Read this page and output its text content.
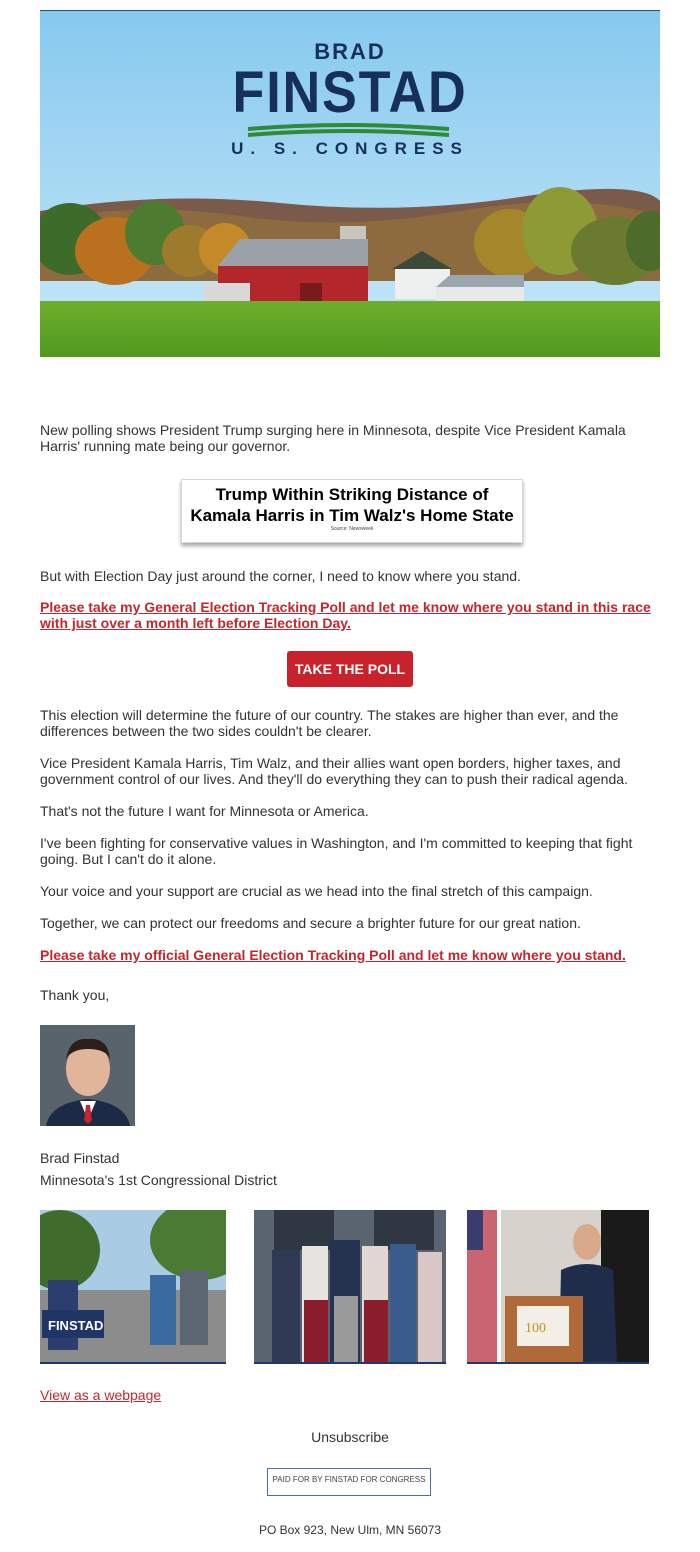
BRAD
FINSTAD
U. S. CONGRESS

New polling shows President Trump surging here in Minnesota, despite Vice President Kamala Harris' running mate being our governor.

Trump Within Striking Distance of
Kamala Harris in Tim Walz's Home State
Source: Newsweek

But with Election Day just around the corner, I need to know where you stand.

Please take my General Election Tracking Poll and let me know where you stand in this race with just over a month left before Election Day.
TAKE THE POLL

This election will determine the future of our country. The stakes are higher than ever, and the differences between the two sides couldn't be clearer.

Vice President Kamala Harris, Tim Walz, and their allies want open borders, higher taxes, and government control of our lives. And they'll do everything they can to push their radical agenda.

That's not the future I want for Minnesota or America.

I've been fighting for conservative values in Washington, and I'm committed to keeping that fight going. But I can't do it alone.

Your voice and your support are crucial as we head into the final stretch of this campaign.

Together, we can protect our freedoms and secure a brighter future for our great nation.

Please take my official General Election Tracking Poll and let me know where you stand.

Thank you,

Brad Finstad

Minnesota's 1st Congressional District

FINSTAD	100
View as a webpage
Unsubscribe
PAID FOR BY FINSTAD FOR CONGRESS
PO Box 923, New Ulm, MN 56073
